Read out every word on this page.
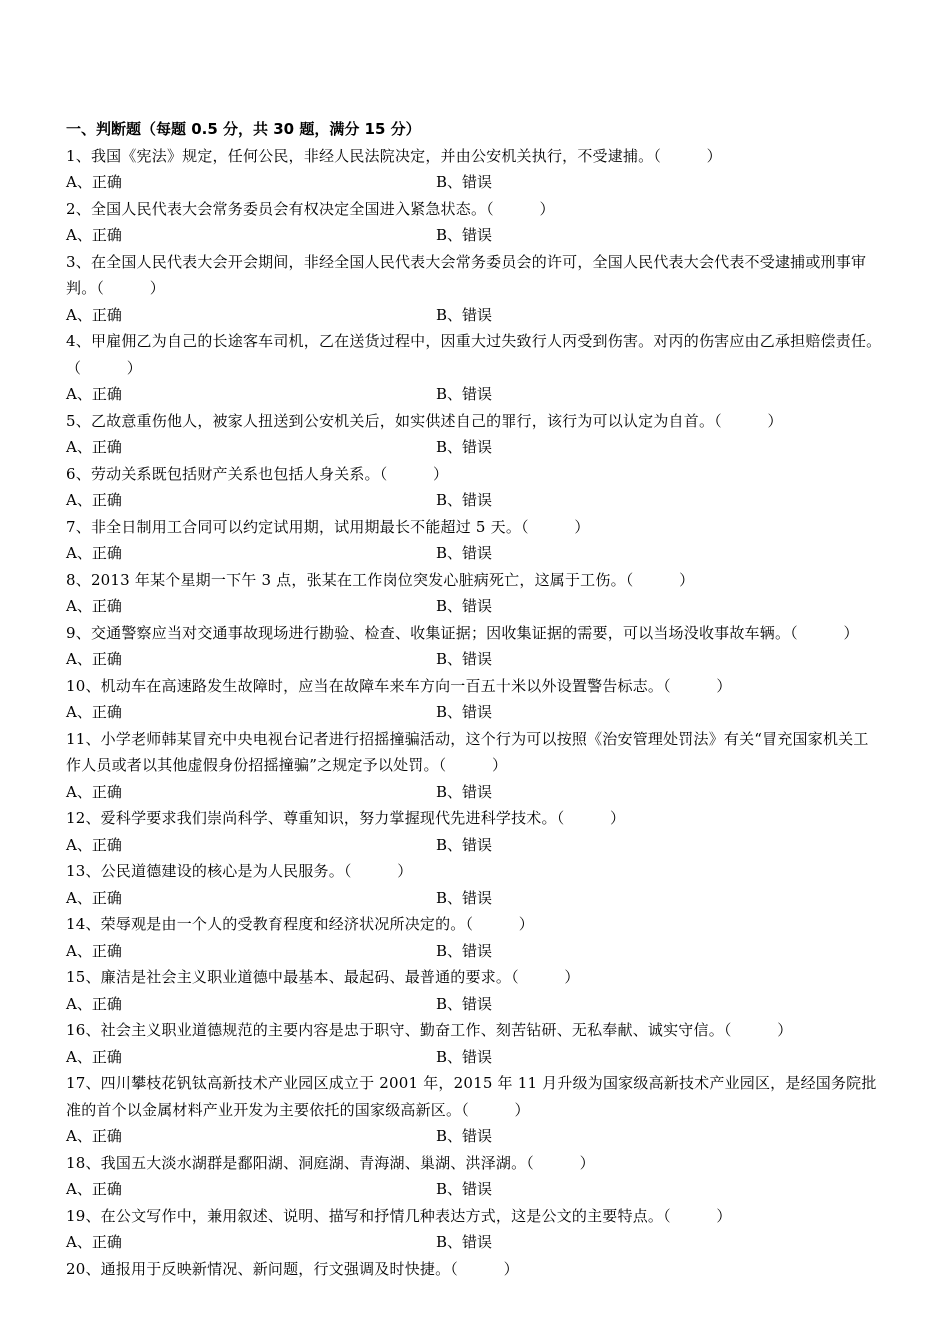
一、判断题（每题 0.5 分，共 30 题，满分 15 分）
1、我国《宪法》规定，任何公民，非经人民法院决定，并由公安机关执行，不受逮捕。（　　　）
A、正确	B、错误
2、全国人民代表大会常务委员会有权决定全国进入紧急状态。（　　　）
A、正确	B、错误
3、在全国人民代表大会开会期间，非经全国人民代表大会常务委员会的许可，全国人民代表大会代表不受逮捕或刑事审判。（　　　）
A、正确	B、错误
4、甲雇佣乙为自己的长途客车司机，乙在送货过程中，因重大过失致行人丙受到伤害。对丙的伤害应由乙承担赔偿责任。（　　　）
A、正确	B、错误
5、乙故意重伤他人，被家人扭送到公安机关后，如实供述自己的罪行，该行为可以认定为自首。（　　　）
A、正确	B、错误
6、劳动关系既包括财产关系也包括人身关系。（　　　）
A、正确	B、错误
7、非全日制用工合同可以约定试用期，试用期最长不能超过 5 天。（　　　）
A、正确	B、错误
8、2013 年某个星期一下午 3 点，张某在工作岗位突发心脏病死亡，这属于工伤。（　　　）
A、正确	B、错误
9、交通警察应当对交通事故现场进行勘验、检查、收集证据；因收集证据的需要，可以当场没收事故车辆。（　　　）
A、正确	B、错误
10、机动车在高速路发生故障时，应当在故障车来车方向一百五十米以外设置警告标志。（　　　）
A、正确	B、错误
11、小学老师韩某冒充中央电视台记者进行招摇撞骗活动，这个行为可以按照《治安管理处罚法》有关“冒充国家机关工作人员或者以其他虚假身份招摇撞骗”之规定予以处罚。（　　　）
A、正确	B、错误
12、爱科学要求我们崇尚科学、尊重知识，努力掌握现代先进科学技术。（　　　）
A、正确	B、错误
13、公民道德建设的核心是为人民服务。（　　　）
A、正确	B、错误
14、荣辱观是由一个人的受教育程度和经济状况所决定的。（　　　）
A、正确	B、错误
15、廉洁是社会主义职业道德中最基本、最起码、最普通的要求。（　　　）
A、正确	B、错误
16、社会主义职业道德规范的主要内容是忠于职守、勤奋工作、刻苦钻研、无私奉献、诚实守信。（　　　）
A、正确	B、错误
17、四川攀枝花钒钛高新技术产业园区成立于 2001 年，2015 年 11 月升级为国家级高新技术产业园区，是经国务院批准的首个以金属材料产业开发为主要依托的国家级高新区。（　　　）
A、正确	B、错误
18、我国五大淡水湖群是鄱阳湖、洞庭湖、青海湖、巢湖、洪泽湖。（　　　）
A、正确	B、错误
19、在公文写作中，兼用叙述、说明、描写和抒情几种表达方式，这是公文的主要特点。（　　　）
A、正确	B、错误
20、通报用于反映新情况、新问题，行文强调及时快捷。（　　　）
